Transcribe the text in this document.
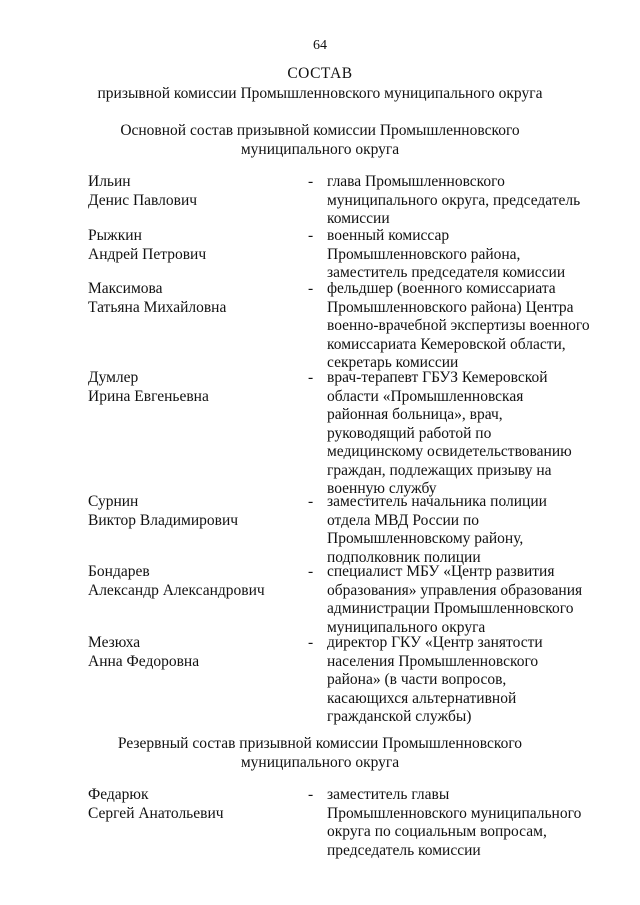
64
СОСТАВ
призывной комиссии Промышленновского муниципального округа
Основной состав призывной комиссии Промышленновского
муниципального округа
Ильин
Денис Павлович
- глава Промышленновского
муниципального округа, председатель
комиссии
Рыжкин
Андрей Петрович
- военный комиссар
Промышленновского района,
заместитель председателя комиссии
Максимова
Татьяна Михайловна
- фельдшер (военного комиссариата
Промышленновского района) Центра
военно-врачебной экспертизы военного
комиссариата Кемеровской области,
секретарь комиссии
Думлер
Ирина Евгеньевна
- врач-терапевт ГБУЗ Кемеровской
области «Промышленновская
районная больница», врач,
руководящий работой по
медицинскому освидетельствованию
граждан, подлежащих призыву на
военную службу
Сурнин
Виктор Владимирович
- заместитель начальника полиции
отдела МВД России по
Промышленновскому району,
подполковник полиции
Бондарев
Александр Александрович
- специалист МБУ «Центр развития
образования» управления образования
администрации Промышленновского
муниципального округа
Мезюха
Анна Федоровна
- директор ГКУ «Центр занятости
населения Промышленновского
района» (в части вопросов,
касающихся альтернативной
гражданской службы)
Резервный состав призывной комиссии Промышленновского
муниципального округа
Федарюк
Сергей Анатольевич
- заместитель главы
Промышленновского муниципального
округа по социальным вопросам,
председатель комиссии
